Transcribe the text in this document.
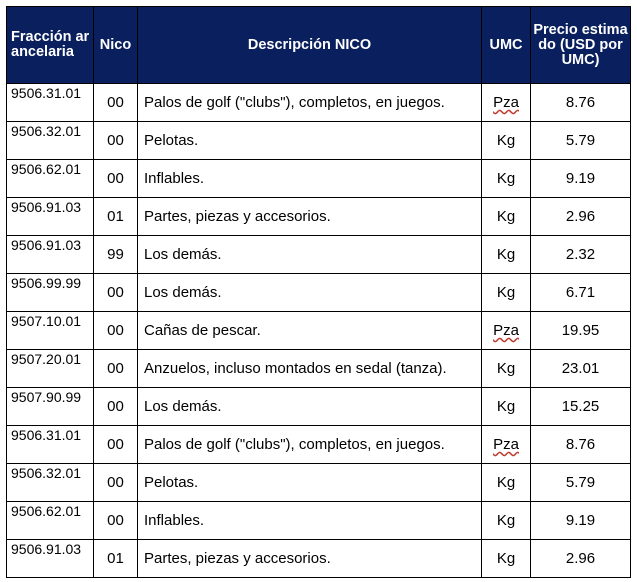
Fracción arancelaria	Nico	Descripción NICO	UMC	Precio estimado (USD por UMC)
9506.31.01	00	Palos de golf ("clubs"), completos, en juegos.	Pza	8.76
9506.32.01	00	Pelotas.	Kg	5.79
9506.62.01	00	Inflables.	Kg	9.19
9506.91.03	01	Partes, piezas y accesorios.	Kg	2.96
9506.91.03	99	Los demás.	Kg	2.32
9506.99.99	00	Los demás.	Kg	6.71
9507.10.01	00	Cañas de pescar.	Pza	19.95
9507.20.01	00	Anzuelos, incluso montados en sedal (tanza).	Kg	23.01
9507.90.99	00	Los demás.	Kg	15.25
9506.31.01	00	Palos de golf ("clubs"), completos, en juegos.	Pza	8.76
9506.32.01	00	Pelotas.	Kg	5.79
9506.62.01	00	Inflables.	Kg	9.19
9506.91.03	01	Partes, piezas y accesorios.	Kg	2.96
